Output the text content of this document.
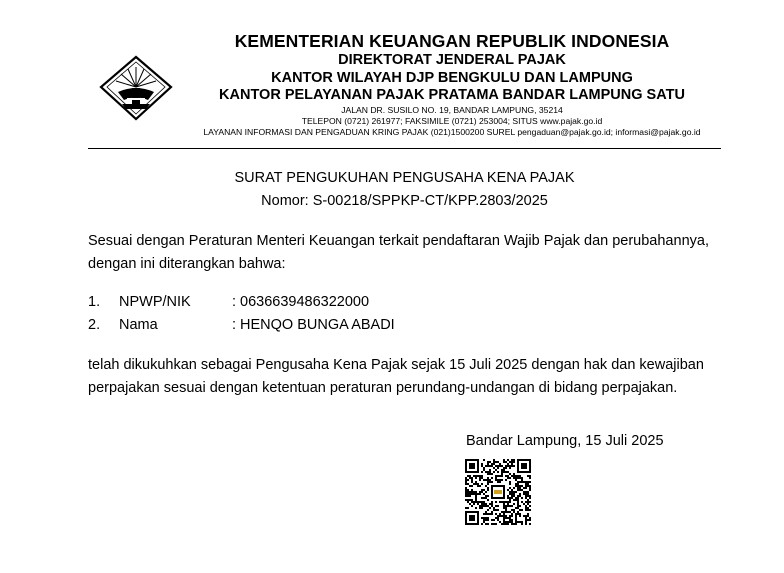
KEMENTERIAN KEUANGAN REPUBLIK INDONESIA
DIREKTORAT JENDERAL PAJAK
KANTOR WILAYAH DJP BENGKULU DAN LAMPUNG
KANTOR PELAYANAN PAJAK PRATAMA BANDAR LAMPUNG SATU
JALAN DR. SUSILO NO. 19, BANDAR LAMPUNG, 35214
TELEPON (0721) 261977; FAKSIMILE (0721) 253004; SITUS www.pajak.go.id
LAYANAN INFORMASI DAN PENGADUAN KRING PAJAK (021)1500200 SUREL pengaduan@pajak.go.id; informasi@pajak.go.id
SURAT PENGUKUHAN PENGUSAHA KENA PAJAK
Nomor: S-00218/SPPKP-CT/KPP.2803/2025
Sesuai dengan Peraturan Menteri Keuangan terkait pendaftaran Wajib Pajak dan perubahannya,
dengan ini diterangkan bahwa:
1. NPWP/NIK	: 0636639486322000
2. Nama	: HENQO BUNGA ABADI
telah dikukuhkan sebagai Pengusaha Kena Pajak sejak 15 Juli 2025 dengan hak dan kewajiban
perpajakan sesuai dengan ketentuan peraturan perundang-undangan di bidang perpajakan.
Bandar Lampung, 15 Juli 2025
